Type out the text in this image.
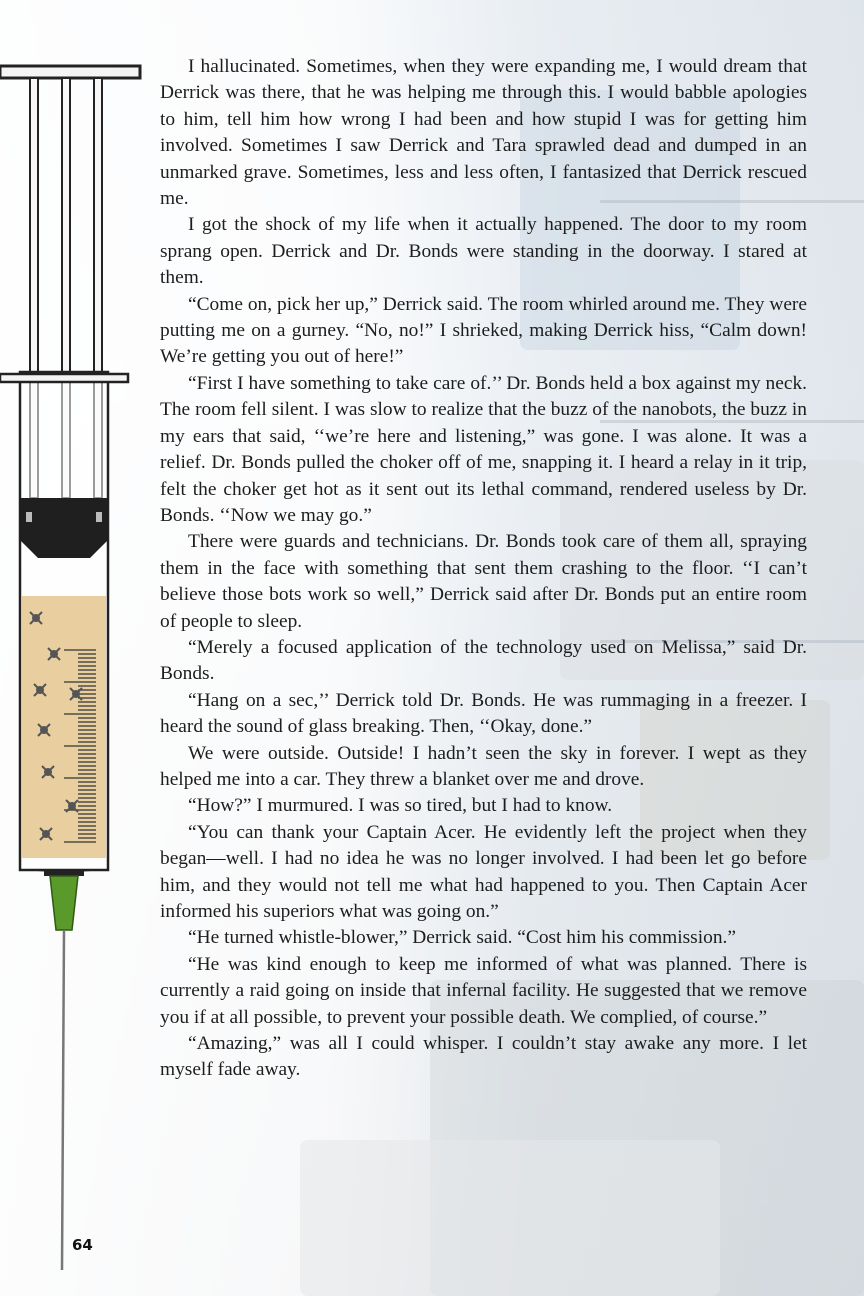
I hallucinated. Sometimes, when they were expanding me, I would dream that Derrick was there, that he was helping me through this. I would babble apologies to him, tell him how wrong I had been and how stupid I was for getting him involved. Sometimes I saw Derrick and Tara sprawled dead and dumped in an unmarked grave. Sometimes, less and less often, I fantasized that Derrick rescued me.

I got the shock of my life when it actually happened. The door to my room sprang open. Derrick and Dr. Bonds were standing in the doorway. I stared at them.

“Come on, pick her up,” Derrick said. The room whirled around me. They were putting me on a gurney. “No, no!” I shrieked, making Derrick hiss, “Calm down! We’re getting you out of here!”

“First I have something to take care of.’’ Dr. Bonds held a box against my neck. The room fell silent. I was slow to realize that the buzz of the nanobots, the buzz in my ears that said, ‘‘we’re here and listening,” was gone. I was alone. It was a relief. Dr. Bonds pulled the choker off of me, snapping it. I heard a relay in it trip, felt the choker get hot as it sent out its lethal command, rendered useless by Dr. Bonds. ‘‘Now we may go.”

There were guards and technicians. Dr. Bonds took care of them all, spraying them in the face with something that sent them crashing to the floor. ‘‘I can’t believe those bots work so well,” Derrick said after Dr. Bonds put an entire room of people to sleep.

“Merely a focused application of the technology used on Melissa,” said Dr. Bonds.

“Hang on a sec,’’ Derrick told Dr. Bonds. He was rummaging in a freezer. I heard the sound of glass breaking. Then, ‘‘Okay, done.”

We were outside. Outside! I hadn’t seen the sky in forever. I wept as they helped me into a car. They threw a blanket over me and drove.

“How?” I murmured. I was so tired, but I had to know.

“You can thank your Captain Acer. He evidently left the project when they began—well. I had no idea he was no longer involved. I had been let go before him, and they would not tell me what had happened to you. Then Captain Acer informed his superiors what was going on.”

“He turned whistle-blower,” Derrick said. “Cost him his commission.”

“He was kind enough to keep me informed of what was planned. There is currently a raid going on inside that infernal facility. He suggested that we remove you if at all possible, to prevent your possible death. We complied, of course.”

“Amazing,” was all I could whisper. I couldn’t stay awake any more. I let myself fade away.

64
